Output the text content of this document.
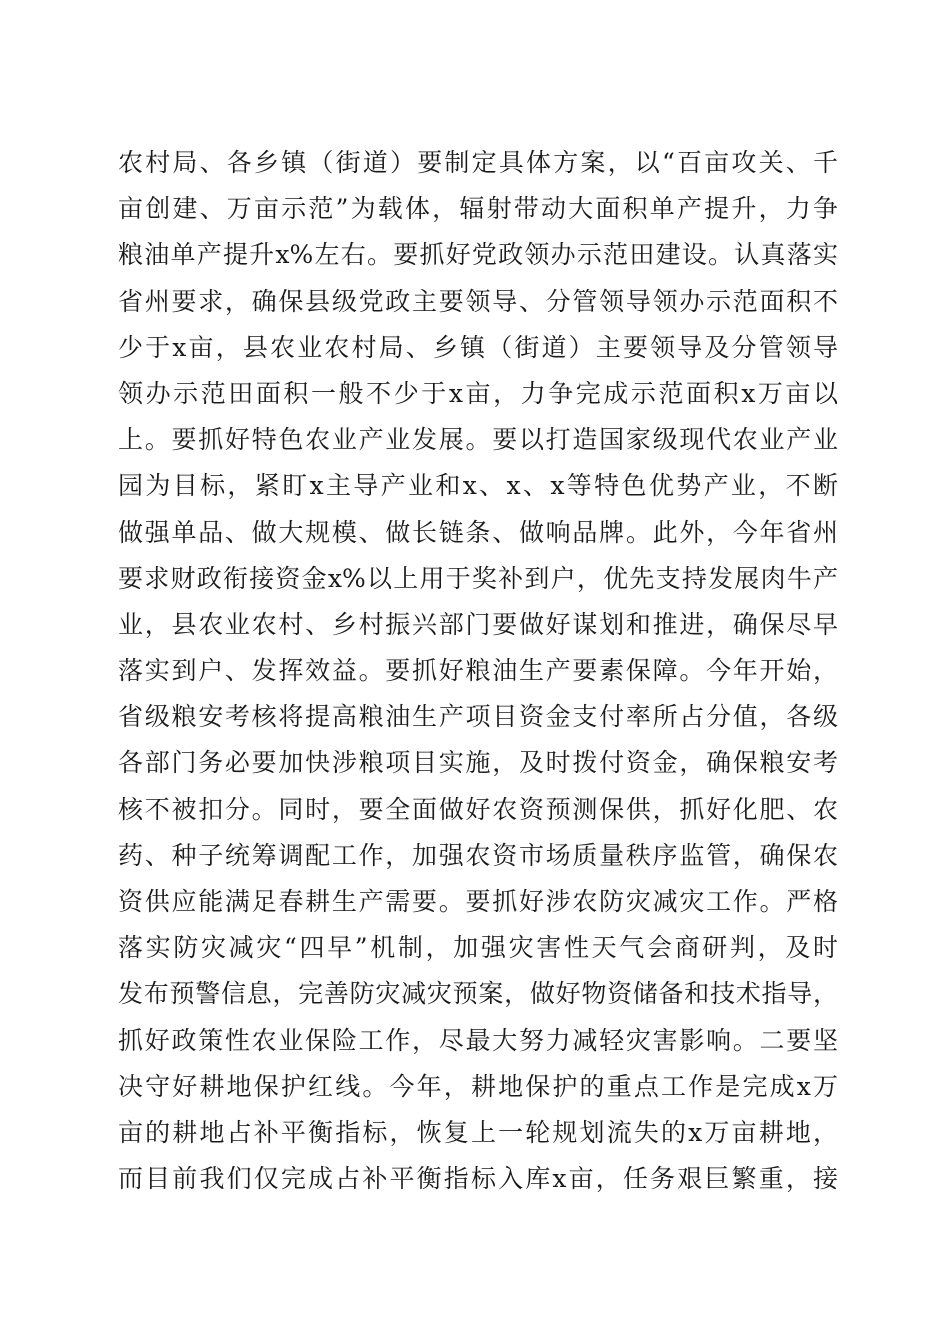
农村局、各乡镇（街道）要制定具体方案，以“百亩攻关、千
亩创建、万亩示范”为载体，辐射带动大面积单产提升，力争
粮油单产提升x%左右。要抓好党政领办示范田建设。认真落实
省州要求，确保县级党政主要领导、分管领导领办示范面积不
少于x亩，县农业农村局、乡镇（街道）主要领导及分管领导
领办示范田面积一般不少于x亩，力争完成示范面积x万亩以
上。要抓好特色农业产业发展。要以打造国家级现代农业产业
园为目标，紧盯x主导产业和x、x、x等特色优势产业，不断
做强单品、做大规模、做长链条、做响品牌。此外，今年省州
要求财政衔接资金x%以上用于奖补到户，优先支持发展肉牛产
业，县农业农村、乡村振兴部门要做好谋划和推进，确保尽早
落实到户、发挥效益。要抓好粮油生产要素保障。今年开始，
省级粮安考核将提高粮油生产项目资金支付率所占分值，各级
各部门务必要加快涉粮项目实施，及时拨付资金，确保粮安考
核不被扣分。同时，要全面做好农资预测保供，抓好化肥、农
药、种子统筹调配工作，加强农资市场质量秩序监管，确保农
资供应能满足春耕生产需要。要抓好涉农防灾减灾工作。严格
落实防灾减灾“四早”机制，加强灾害性天气会商研判，及时
发布预警信息，完善防灾减灾预案，做好物资储备和技术指导，
抓好政策性农业保险工作，尽最大努力减轻灾害影响。二要坚
决守好耕地保护红线。今年，耕地保护的重点工作是完成x万
亩的耕地占补平衡指标，恢复上一轮规划流失的x万亩耕地，
而目前我们仅完成占补平衡指标入库x亩，任务艰巨繁重，接
